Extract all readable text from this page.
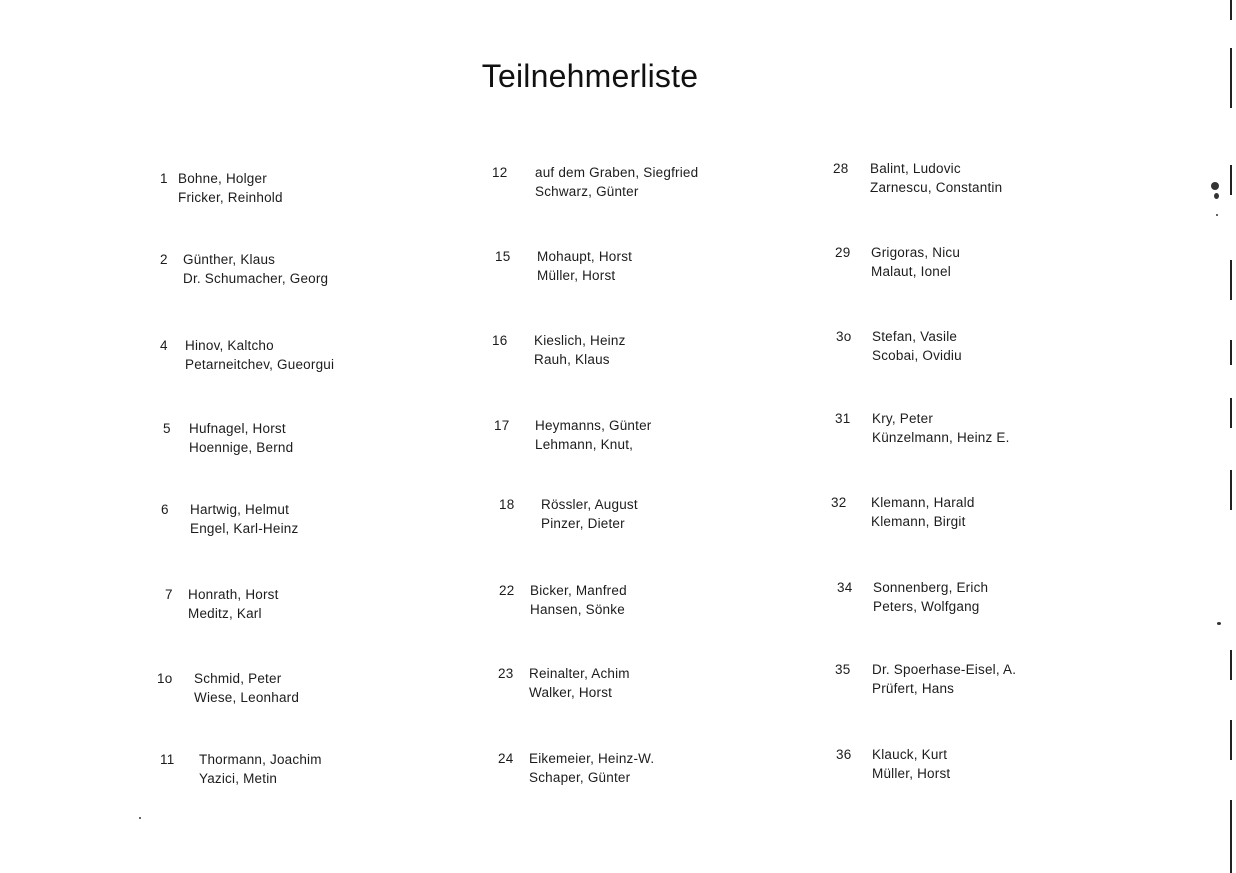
Teilnehmerliste
1 Bohne, Holger
Fricker, Reinhold
2 Günther, Klaus
Dr. Schumacher, Georg
4 Hinov, Kaltcho
Petarneitchev, Gueorgui
5 Hufnagel, Horst
Hoennige, Bernd
6 Hartwig, Helmut
Engel, Karl-Heinz
7 Honrath, Horst
Meditz, Karl
1o Schmid, Peter
Wiese, Leonhard
11 Thormann, Joachim
Yazici, Metin
12 auf dem Graben, Siegfried
Schwarz, Günter
15 Mohaupt, Horst
Müller, Horst
16 Kieslich, Heinz
Rauh, Klaus
17 Heymanns, Günter
Lehmann, Knut,
18 Rössler, August
Pinzer, Dieter
22 Bicker, Manfred
Hansen, Sönke
23 Reinalter, Achim
Walker, Horst
24 Eikemeier, Heinz-W.
Schaper, Günter
28 Balint, Ludovic
Zarnescu, Constantin
29 Grigoras, Nicu
Malaut, Ionel
3o Stefan, Vasile
Scobai, Ovidiu
31 Kry, Peter
Künzelmann, Heinz E.
32 Klemann, Harald
Klemann, Birgit
34 Sonnenberg, Erich
Peters, Wolfgang
35 Dr. Spoerhase-Eisel, A.
Prüfert, Hans
36 Klauck, Kurt
Müller, Horst
